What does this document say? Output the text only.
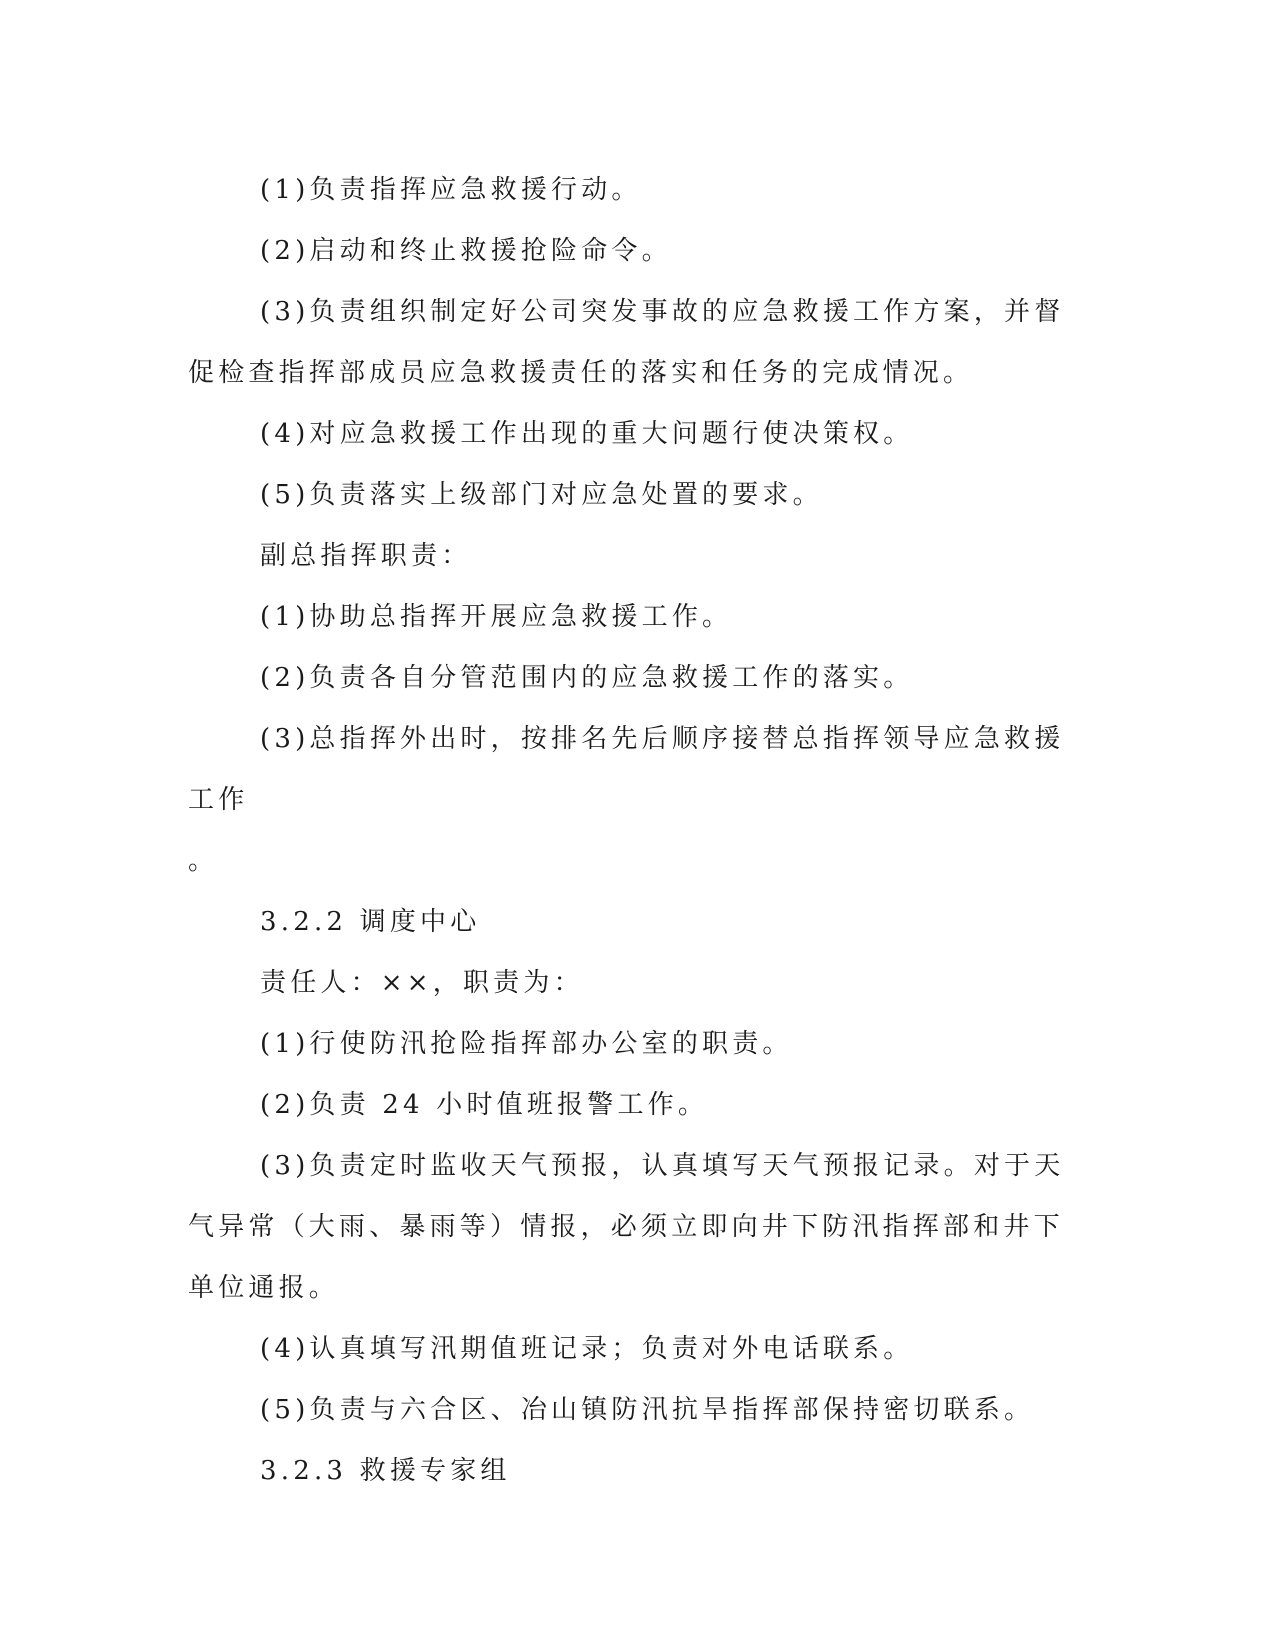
(1)负责指挥应急救援行动。

(2)启动和终止救援抢险命令。

(3)负责组织制定好公司突发事故的应急救援工作方案，并督促检查指挥部成员应急救援责任的落实和任务的完成情况。

(4)对应急救援工作出现的重大问题行使决策权。

(5)负责落实上级部门对应急处置的要求。

副总指挥职责：

(1)协助总指挥开展应急救援工作。

(2)负责各自分管范围内的应急救援工作的落实。

(3)总指挥外出时，按排名先后顺序接替总指挥领导应急救援工作

。

3.2.2 调度中心

责任人：××，职责为：

(1)行使防汛抢险指挥部办公室的职责。

(2)负责 24 小时值班报警工作。

(3)负责定时监收天气预报，认真填写天气预报记录。对于天气异常（大雨、暴雨等）情报，必须立即向井下防汛指挥部和井下单位通报。

(4)认真填写汛期值班记录；负责对外电话联系。

(5)负责与六合区、冶山镇防汛抗旱指挥部保持密切联系。

3.2.3 救援专家组
